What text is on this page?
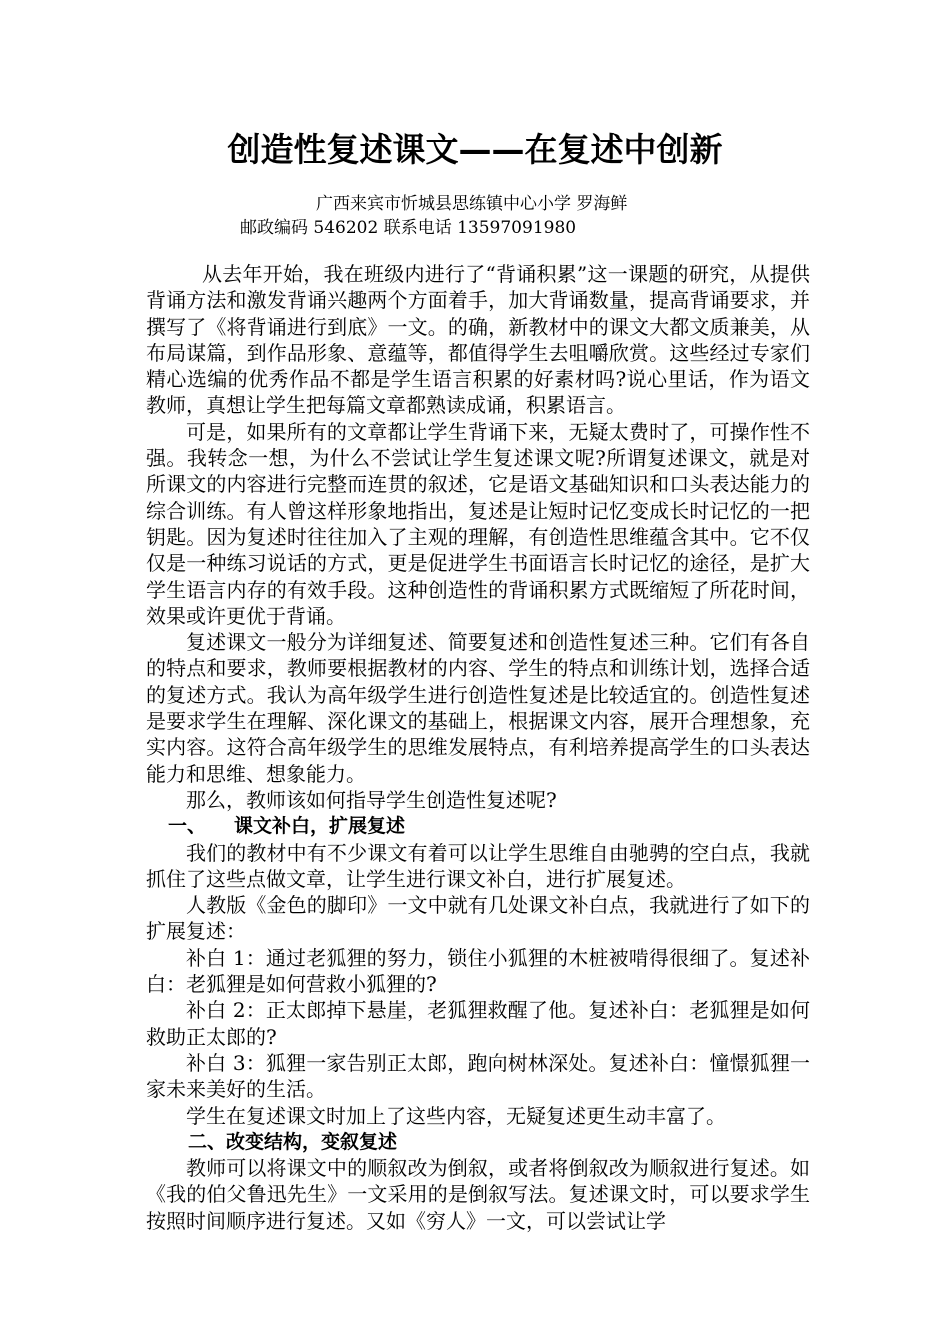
创造性复述课文——在复述中创新
广西来宾市忻城县思练镇中心小学 罗海鲜
邮政编码 546202 联系电话 13597091980

从去年开始，我在班级内进行了“背诵积累”这一课题的研究，从提供背诵方法和激发背诵兴趣两个方面着手，加大背诵数量，提高背诵要求，并撰写了《将背诵进行到底》一文。的确，新教材中的课文大都文质兼美，从布局谋篇，到作品形象、意蕴等，都值得学生去咀嚼欣赏。这些经过专家们精心选编的优秀作品不都是学生语言积累的好素材吗?说心里话，作为语文教师，真想让学生把每篇文章都熟读成诵，积累语言。

可是，如果所有的文章都让学生背诵下来，无疑太费时了，可操作性不强。我转念一想，为什么不尝试让学生复述课文呢?所谓复述课文，就是对所课文的内容进行完整而连贯的叙述，它是语文基础知识和口头表达能力的综合训练。有人曾这样形象地指出，复述是让短时记忆变成长时记忆的一把钥匙。因为复述时往往加入了主观的理解，有创造性思维蕴含其中。它不仅仅是一种练习说话的方式，更是促进学生书面语言长时记忆的途径，是扩大学生语言内存的有效手段。这种创造性的背诵积累方式既缩短了所花时间，效果或许更优于背诵。

复述课文一般分为详细复述、简要复述和创造性复述三种。它们有各自的特点和要求，教师要根据教材的内容、学生的特点和训练计划，选择合适的复述方式。我认为高年级学生进行创造性复述是比较适宜的。创造性复述是要求学生在理解、深化课文的基础上，根据课文内容，展开合理想象，充实内容。这符合高年级学生的思维发展特点，有利培养提高学生的口头表达能力和思维、想象能力。

那么，教师该如何指导学生创造性复述呢?

一、 课文补白，扩展复述

我们的教材中有不少课文有着可以让学生思维自由驰骋的空白点，我就抓住了这些点做文章，让学生进行课文补白，进行扩展复述。

人教版《金色的脚印》一文中就有几处课文补白点，我就进行了如下的扩展复述：

补白 1：通过老狐狸的努力，锁住小狐狸的木桩被啃得很细了。复述补白：老狐狸是如何营救小狐狸的?

补白 2：正太郎掉下悬崖，老狐狸救醒了他。复述补白：老狐狸是如何救助正太郎的?

补白 3：狐狸一家告别正太郎，跑向树林深处。复述补白：憧憬狐狸一家未来美好的生活。

学生在复述课文时加上了这些内容，无疑复述更生动丰富了。

二、改变结构，变叙复述

教师可以将课文中的顺叙改为倒叙，或者将倒叙改为顺叙进行复述。如《我的伯父鲁迅先生》一文采用的是倒叙写法。复述课文时，可以要求学生按照时间顺序进行复述。又如《穷人》一文，可以尝试让学
